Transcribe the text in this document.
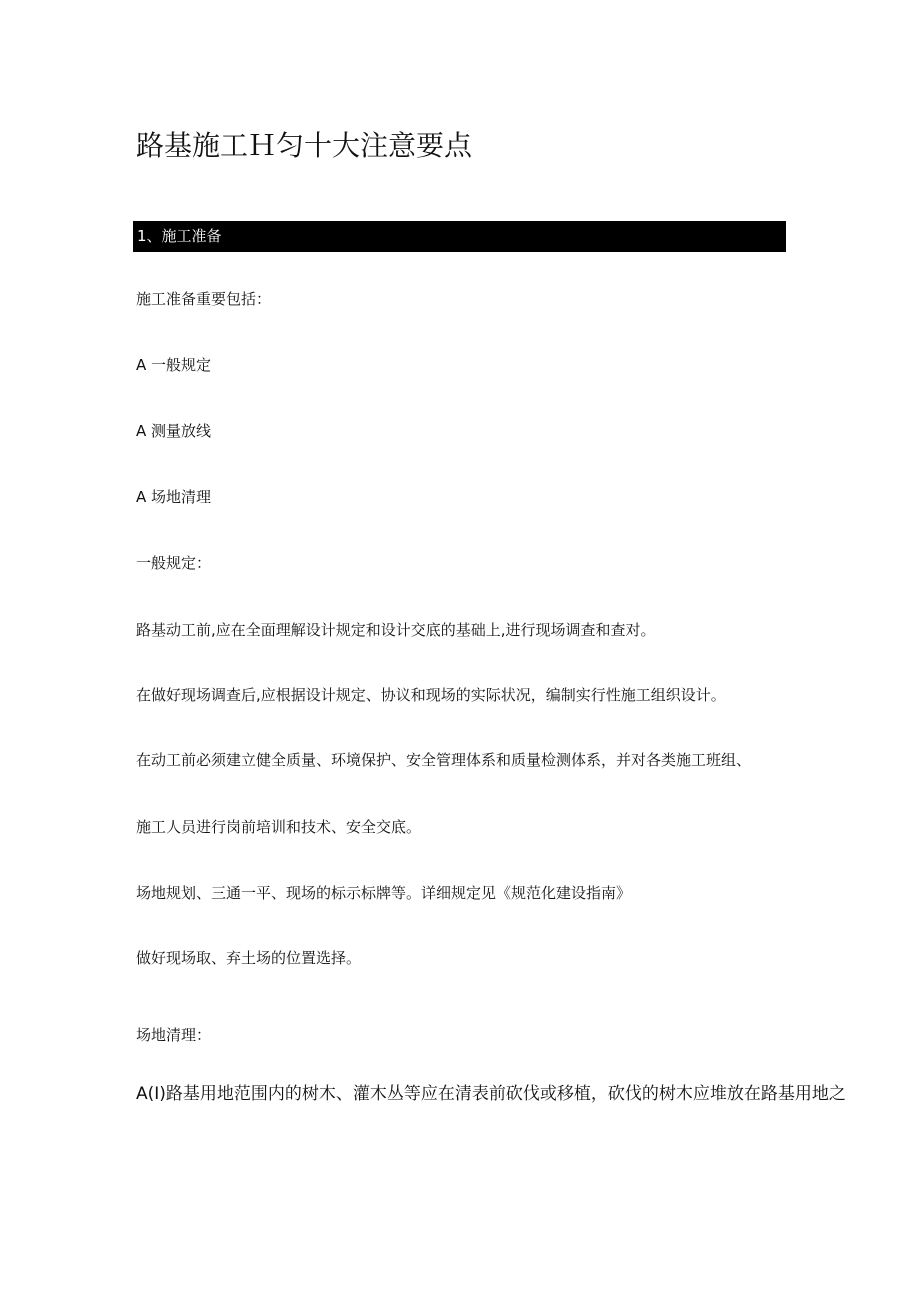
路基施工Ｈ匀十大注意要点
1、施工准备

施工准备重要包括：

A 一般规定

A 测量放线

A 场地清理

一般规定：

路基动工前,应在全面理解设计规定和设计交底的基础上,进行现场调查和查对。

在做好现场调查后,应根据设计规定、协议和现场的实际状况，编制实行性施工组织设计。

在动工前必须建立健全质量、环境保护、安全管理体系和质量检测体系，并对各类施工班组、

施工人员进行岗前培训和技术、安全交底。

场地规划、三通一平、现场的标示标牌等。详细规定见《规范化建设指南》

做好现场取、弃土场的位置选择。

场地清理：

A(I)路基用地范围内的树木、灌木丛等应在清表前砍伐或移植，砍伐的树木应堆放在路基用地之
